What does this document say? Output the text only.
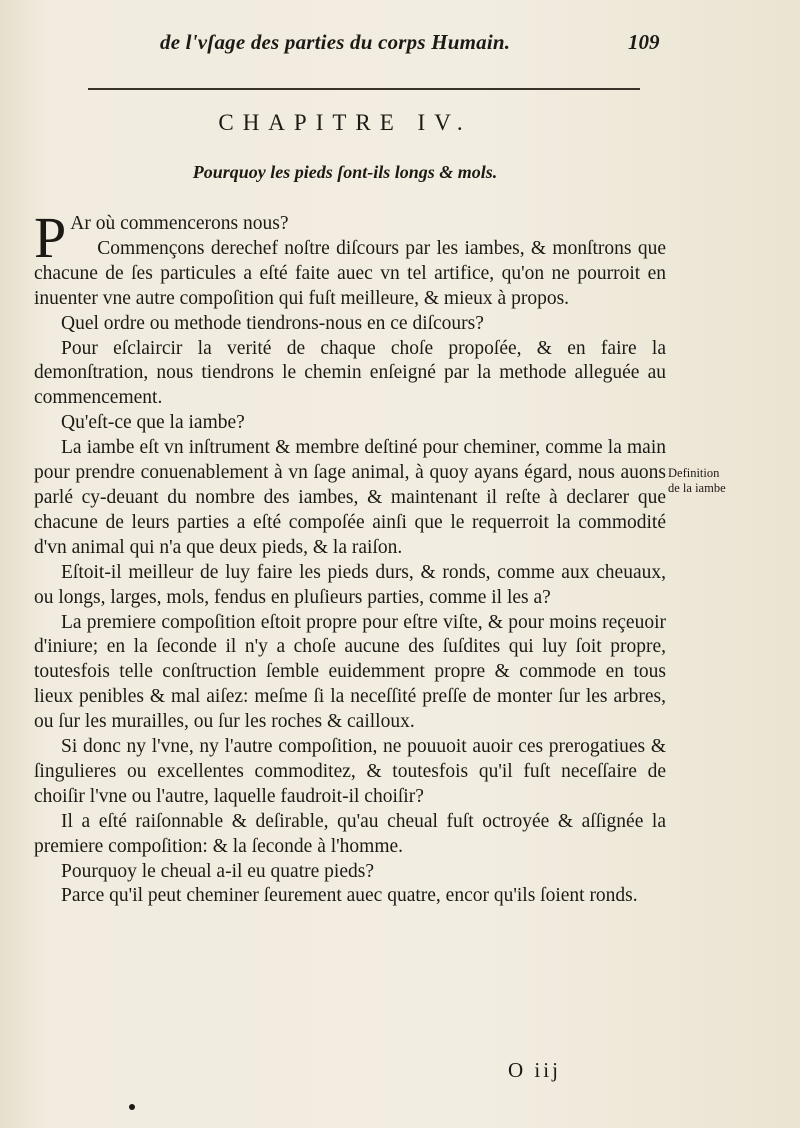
de l'vſage des parties du corps Humain.	109
CHAPITRE IV.
Pourquoy les pieds ſont-ils longs & mols.

P Ar où commencerons nous?

Commençons derechef noſtre diſcours par les iambes, & monſtrons que chacune de ſes particules a eſté faite auec vn tel artifice, qu'on ne pourroit en inuenter vne autre compoſition qui fuſt meilleure, & mieux à propos.

Quel ordre ou methode tiendrons-nous en ce diſcours?

Pour eſclaircir la verité de chaque choſe propoſée, & en faire la demonſtration, nous tiendrons le chemin enſeigné par la methode alleguée au commencement.

Qu'eſt-ce que la iambe?

La iambe eſt vn inſtrument & membre deſtiné pour cheminer, comme la main pour prendre conuenablement à vn ſage animal, à quoy ayans égard, nous auons parlé cy-deuant du nombre des iambes, & maintenant il reſte à declarer que chacune de leurs parties a eſté compoſée ainſi que le requerroit la commodité d'vn animal qui n'a que deux pieds, & la raiſon.

Eſtoit-il meilleur de luy faire les pieds durs, & ronds, comme aux cheuaux, ou longs, larges, mols, fendus en pluſieurs parties, comme il les a?

La premiere compoſition eſtoit propre pour eſtre viſte, & pour moins reçeuoir d'iniure; en la ſeconde il n'y a choſe aucune des ſuſdites qui luy ſoit propre, toutesfois telle conſtruction ſemble euidemment propre & commode en tous lieux penibles & mal aiſez: meſme ſi la neceſſité preſſe de monter ſur les arbres, ou ſur les murailles, ou ſur les roches & cailloux.

Si donc ny l'vne, ny l'autre compoſition, ne pouuoit auoir ces prerogatiues & ſingulieres ou excellentes commoditez, & toutesfois qu'il fuſt neceſſaire de choiſir l'vne ou l'autre, laquelle faudroit-il choiſir?

Il a eſté raiſonnable & deſirable, qu'au cheual fuſt octroyée & aſſignée la premiere compoſition: & la ſeconde à l'homme.

Pourquoy le cheual a-il eu quatre pieds?

Parce qu'il peut cheminer ſeurement auec quatre, encor qu'ils ſoient ronds.

Definition
de la iambe
O iij
